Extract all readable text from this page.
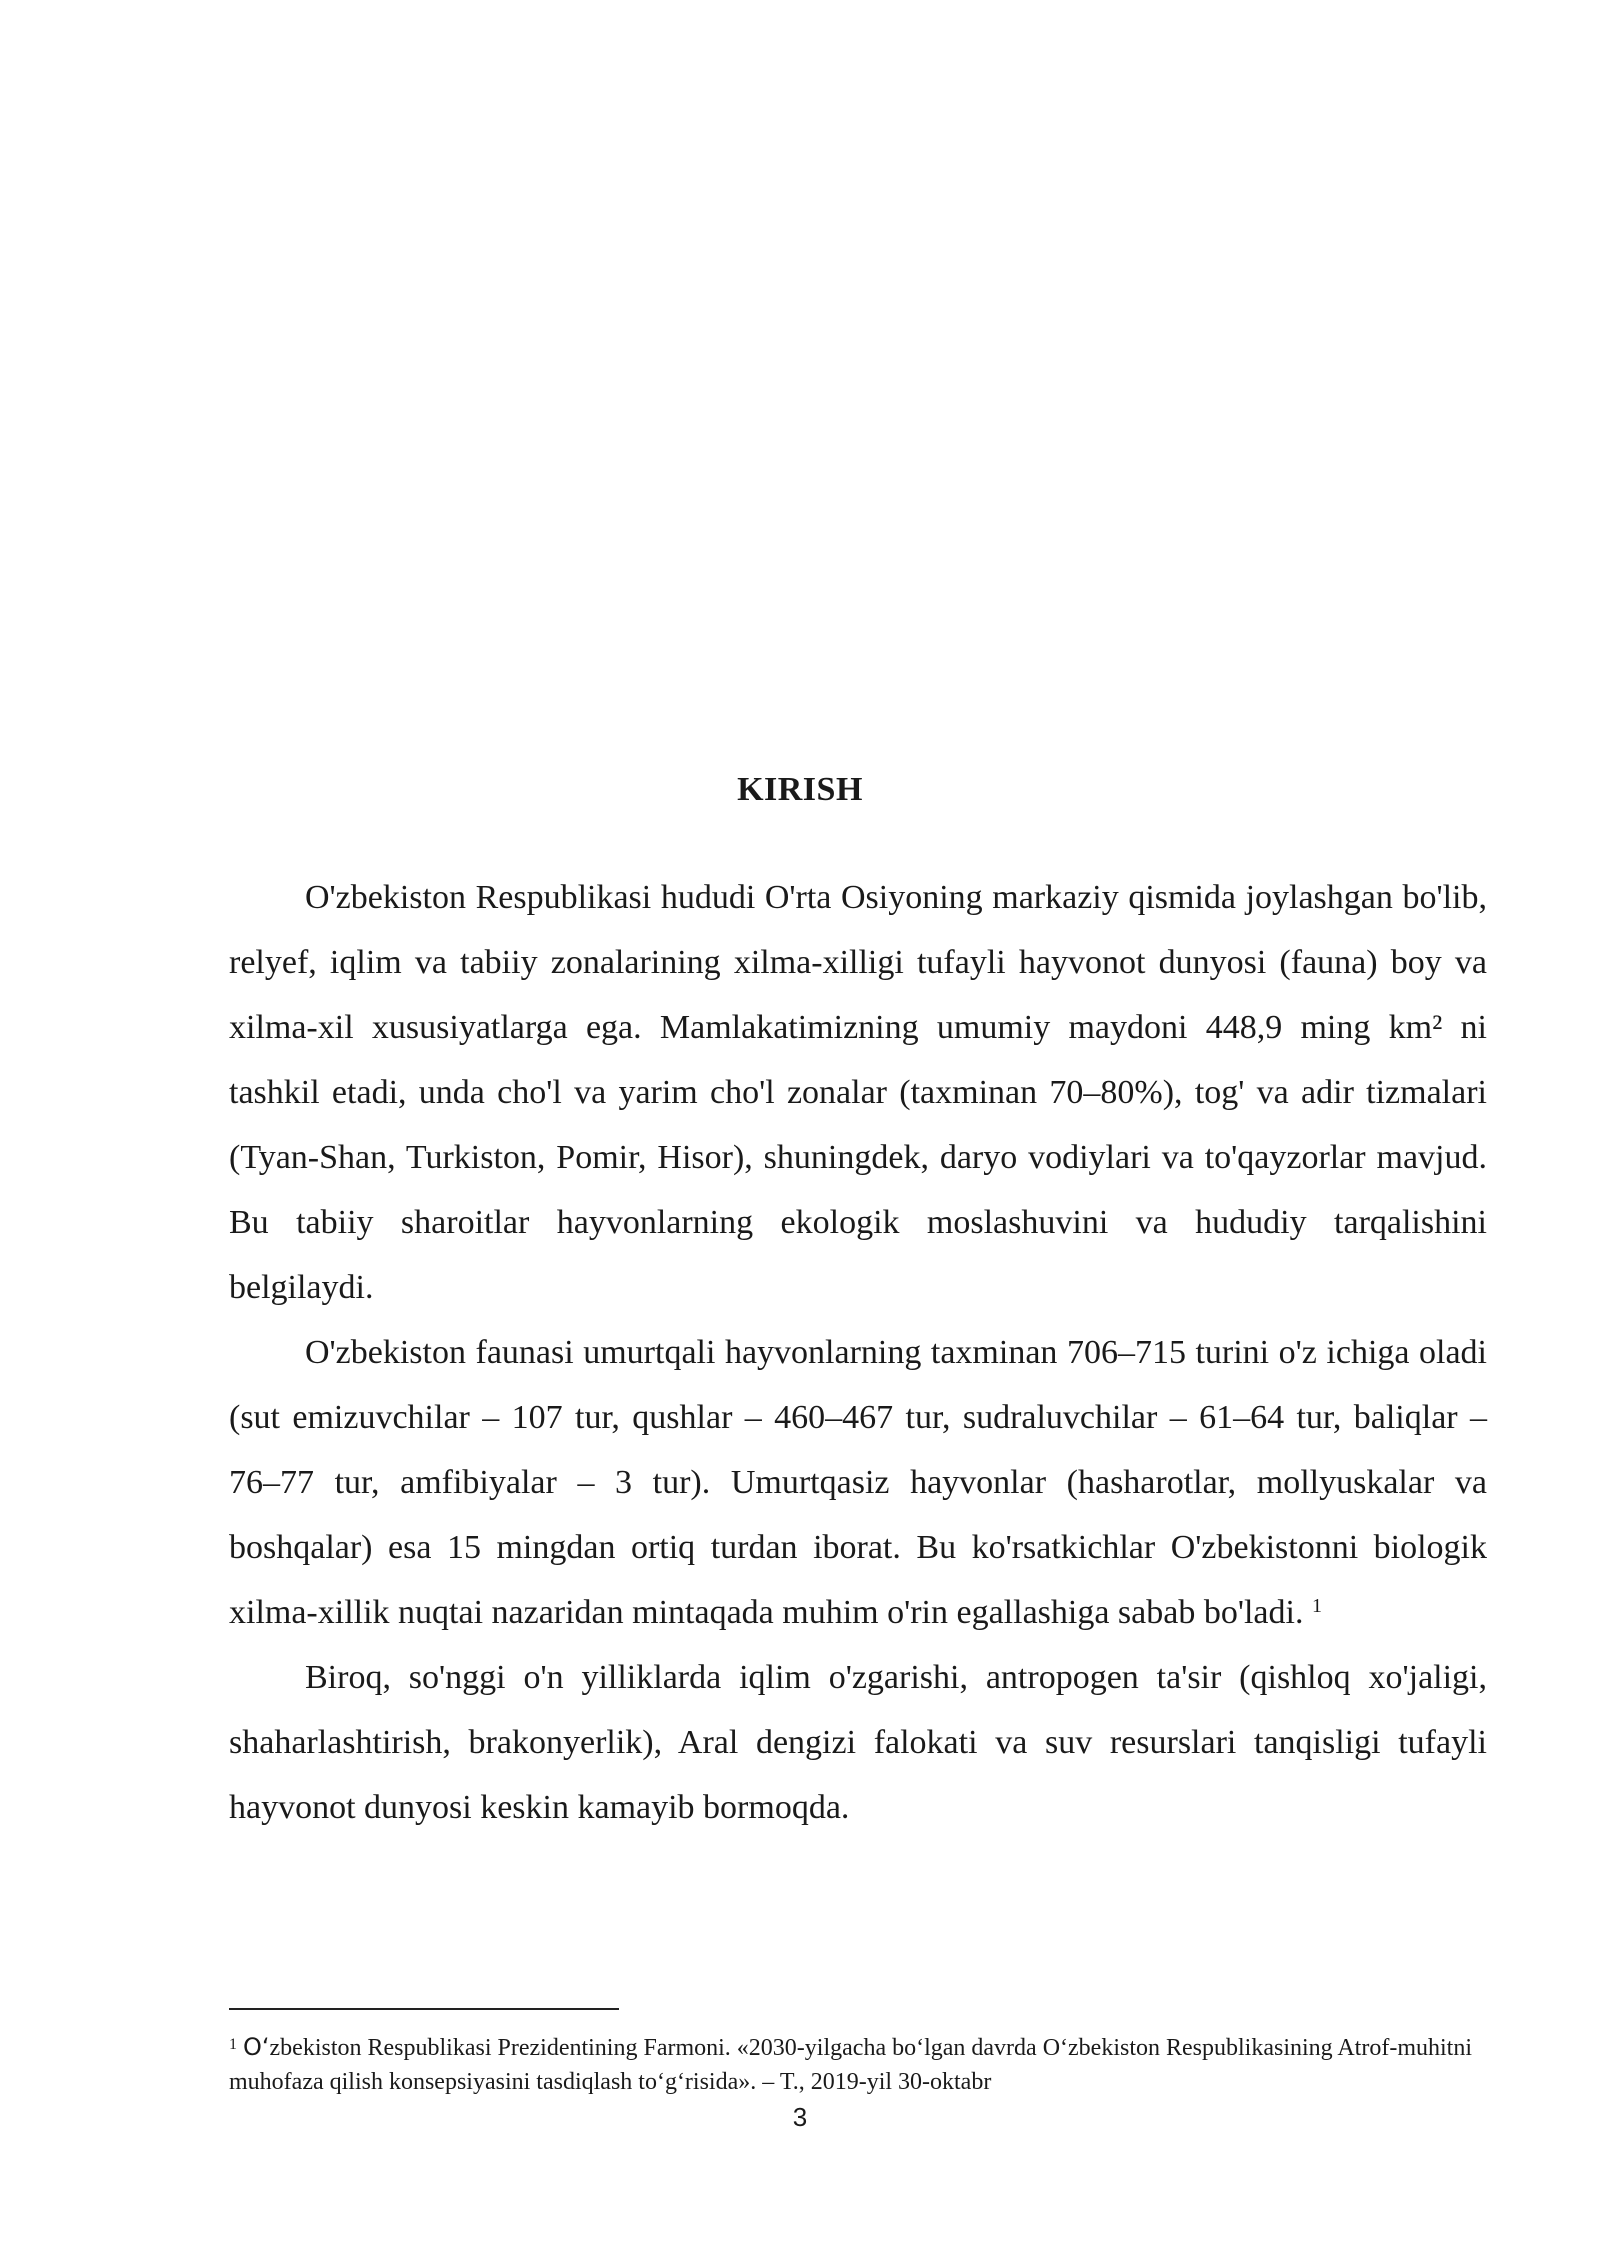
KIRISH

O'zbekiston Respublikasi hududi O'rta Osiyoning markaziy qismida joylashgan bo'lib, relyef, iqlim va tabiiy zonalarining xilma-xilligi tufayli hayvonot dunyosi (fauna) boy va xilma-xil xususiyatlarga ega. Mamlakatimizning umumiy maydoni 448,9 ming km² ni tashkil etadi, unda cho'l va yarim cho'l zonalar (taxminan 70–80%), tog' va adir tizmalari (Tyan-Shan, Turkiston, Pomir, Hisor), shuningdek, daryo vodiylari va to'qayzorlar mavjud. Bu tabiiy sharoitlar hayvonlarning ekologik moslashuvini va hududiy tarqalishini belgilaydi.

O'zbekiston faunasi umurtqali hayvonlarning taxminan 706–715 turini o'z ichiga oladi (sut emizuvchilar – 107 tur, qushlar – 460–467 tur, sudraluvchilar – 61–64 tur, baliqlar – 76–77 tur, amfibiyalar – 3 tur). Umurtqasiz hayvonlar (hasharotlar, mollyuskalar va boshqalar) esa 15 mingdan ortiq turdan iborat. Bu ko'rsatkichlar O'zbekistonni biologik xilma-xillik nuqtai nazaridan mintaqada muhim o'rin egallashiga sabab bo'ladi. $^1$

Biroq, so'nggi o'n yilliklarda iqlim o'zgarishi, antropogen ta'sir (qishloq xo'jaligi, shaharlashtirish, brakonyerlik), Aral dengizi falokati va suv resurslari tanqisligi tufayli hayvonot dunyosi keskin kamayib bormoqda.

$^1$ O‘zbekiston Respublikasi Prezidentining Farmoni. «2030-yilgacha bo‘lgan davrda O‘zbekiston Respublikasining Atrof-muhitni muhofaza qilish konsepsiyasini tasdiqlash to‘g‘risida». – T., 2019-yil 30-oktabr
3
